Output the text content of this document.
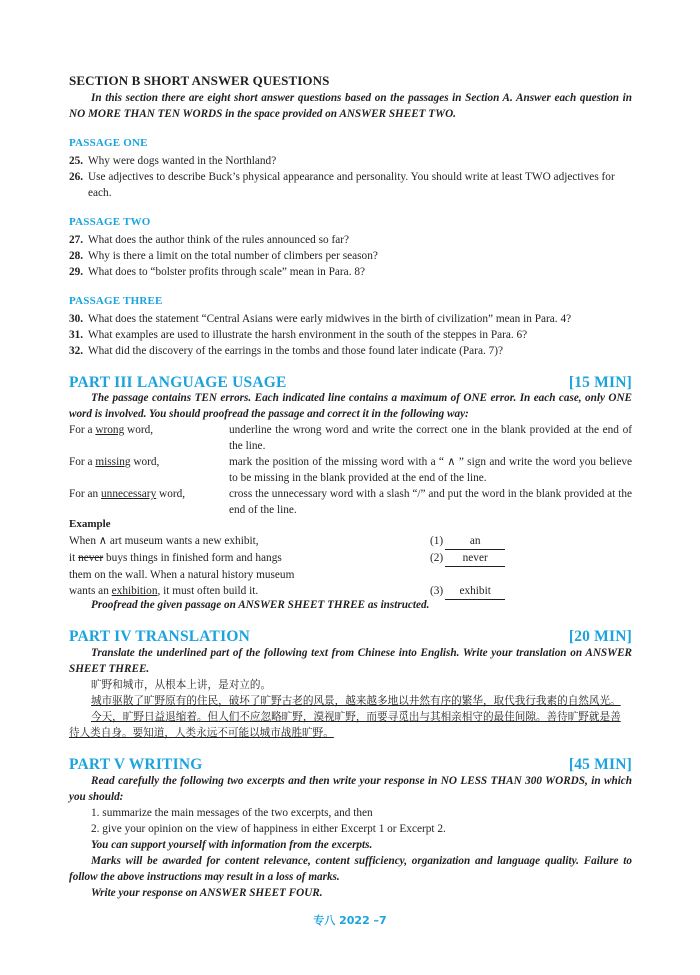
SECTION B SHORT ANSWER QUESTIONS
In this section there are eight short answer questions based on the passages in Section A. Answer each question in NO MORE THAN TEN WORDS in the space provided on ANSWER SHEET TWO.
PASSAGE ONE
25. Why were dogs wanted in the Northland?
26. Use adjectives to describe Buck’s physical appearance and personality. You should write at least TWO adjectives for each.
PASSAGE TWO
27. What does the author think of the rules announced so far?
28. Why is there a limit on the total number of climbers per season?
29. What does to “bolster profits through scale” mean in Para. 8?
PASSAGE THREE
30. What does the statement “Central Asians were early midwives in the birth of civilization” mean in Para. 4?
31. What examples are used to illustrate the harsh environment in the south of the steppes in Para. 6?
32. What did the discovery of the earrings in the tombs and those found later indicate (Para. 7)?
PART III LANGUAGE USAGE	[15 MIN]
The passage contains TEN errors. Each indicated line contains a maximum of ONE error. In each case, only ONE word is involved. You should proofread the passage and correct it in the following way:
For a wrong word,	underline the wrong word and write the correct one in the blank provided at the end of the line.
For a missing word,	mark the position of the missing word with a “ ∧ ” sign and write the word you believe to be missing in the blank provided at the end of the line.
For an unnecessary word,	cross the unnecessary word with a slash “/” and put the word in the blank provided at the end of the line.
Example
When ∧ art museum wants a new exhibit,	(1) an
it never buys things in finished form and hangs	(2) never
them on the wall. When a natural history museum
wants an exhibition, it must often build it.	(3) exhibit
Proofread the given passage on ANSWER SHEET THREE as instructed.
PART IV TRANSLATION	[20 MIN]
Translate the underlined part of the following text from Chinese into English. Write your translation on ANSWER SHEET THREE.
旷野和城市，从根本上讲，是对立的。
城市驱散了旷野原有的住民，破坏了旷野古老的风景，越来越多地以井然有序的繁华，取代我行我素的自然风光。
今天，旷野日益退缩着。但人们不应忽略旷野，漠视旷野，而要寻觅出与其相亲相守的最佳间隙。善待旷野就是善
待人类自身。要知道，人类永远不可能以城市战胜旷野。
PART V WRITING	[45 MIN]
Read carefully the following two excerpts and then write your response in NO LESS THAN 300 WORDS, in which you should:
1. summarize the main messages of the two excerpts, and then
2. give your opinion on the view of happiness in either Excerpt 1 or Excerpt 2.
You can support yourself with information from the excerpts.
Marks will be awarded for content relevance, content sufficiency, organization and language quality. Failure to follow the above instructions may result in a loss of marks.
Write your response on ANSWER SHEET FOUR.
专八 2022 –7
